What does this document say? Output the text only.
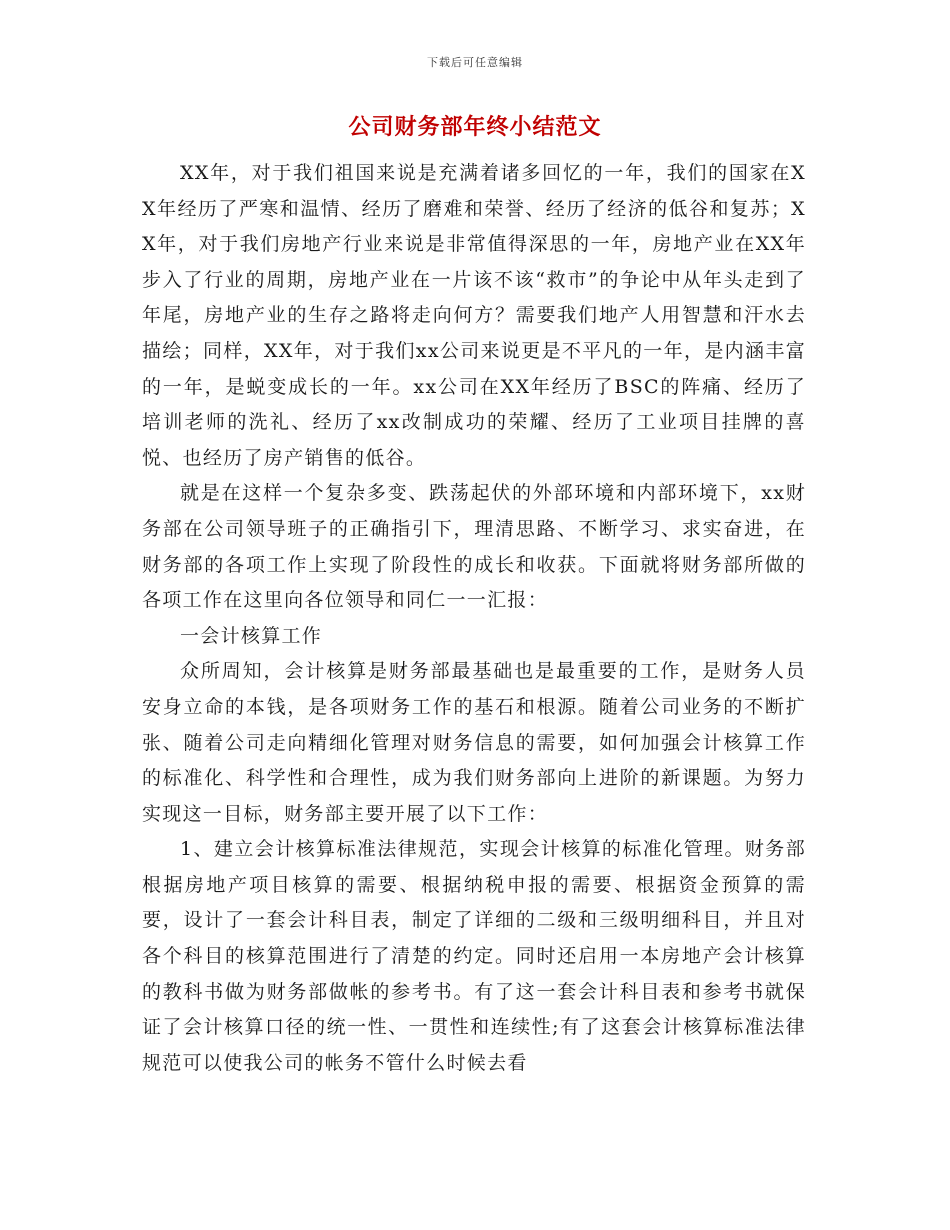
下载后可任意编辑
公司财务部年终小结范文

XX年，对于我们祖国来说是充满着诸多回忆的一年，我们的国家在XX年经历了严寒和温情、经历了磨难和荣誉、经历了经济的低谷和复苏；XX年，对于我们房地产行业来说是非常值得深思的一年，房地产业在XX年步入了行业的周期，房地产业在一片该不该“救市”的争论中从年头走到了年尾，房地产业的生存之路将走向何方？需要我们地产人用智慧和汗水去描绘；同样，XX年，对于我们xx公司来说更是不平凡的一年，是内涵丰富的一年，是蜕变成长的一年。xx公司在XX年经历了BSC的阵痛、经历了培训老师的洗礼、经历了xx改制成功的荣耀、经历了工业项目挂牌的喜悦、也经历了房产销售的低谷。

就是在这样一个复杂多变、跌荡起伏的外部环境和内部环境下，xx财务部在公司领导班子的正确指引下，理清思路、不断学习、求实奋进，在财务部的各项工作上实现了阶段性的成长和收获。下面就将财务部所做的各项工作在这里向各位领导和同仁一一汇报：

一会计核算工作

众所周知，会计核算是财务部最基础也是最重要的工作，是财务人员安身立命的本钱，是各项财务工作的基石和根源。随着公司业务的不断扩张、随着公司走向精细化管理对财务信息的需要，如何加强会计核算工作的标准化、科学性和合理性，成为我们财务部向上进阶的新课题。为努力实现这一目标，财务部主要开展了以下工作：

1、建立会计核算标准法律规范，实现会计核算的标准化管理。财务部根据房地产项目核算的需要、根据纳税申报的需要、根据资金预算的需要，设计了一套会计科目表，制定了详细的二级和三级明细科目，并且对各个科目的核算范围进行了清楚的约定。同时还启用一本房地产会计核算的教科书做为财务部做帐的参考书。有了这一套会计科目表和参考书就保证了会计核算口径的统一性、一贯性和连续性;有了这套会计核算标准法律规范可以使我公司的帐务不管什么时候去看
